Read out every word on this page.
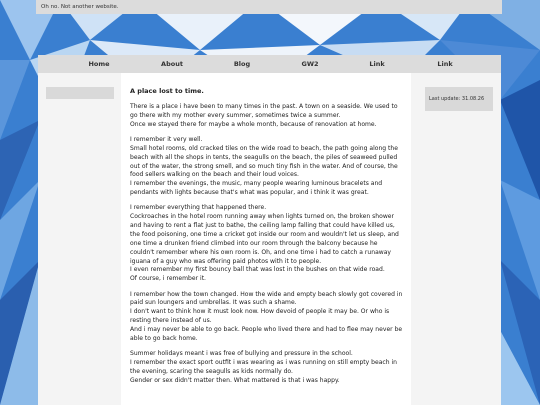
Oh no. Not another website.
Home	About	Blog	GW2	Link	Link
A place lost to time.

There is a place i have been to many times in the past. A town on a seaside. We used to go there with my mother every summer, sometimes twice a summer.
Once we stayed there for maybe a whole month, because of renovation at home.

I remember it very well.
Small hotel rooms, old cracked tiles on the wide road to beach, the path going along the beach with all the shops in tents, the seagulls on the beach, the piles of seaweed pulled out of the water, the strong smell, and so much tiny fish in the water. And of course, the food sellers walking on the beach and their loud voices.
I remember the evenings, the music, many people wearing luminous bracelets and pendants with lights because that's what was popular, and i think it was great.

I remember everything that happened there.
Cockroaches in the hotel room running away when lights turned on, the broken shower and having to rent a flat just to bathe, the ceiling lamp falling that could have killed us, the food poisoning, one time a cricket got inside our room and wouldn't let us sleep, and one time a drunken friend climbed into our room through the balcony because he couldn't remember where his own room is. Oh, and one time i had to catch a runaway iguana of a guy who was offering paid photos with it to people.
I even remember my first bouncy ball that was lost in the bushes on that wide road.
Of course, i remember it.

I remember how the town changed. How the wide and empty beach slowly got covered in paid sun loungers and umbrellas. It was such a shame.
I don't want to think how it must look now. How devoid of people it may be. Or who is resting there instead of us.
And i may never be able to go back. People who lived there and had to flee may never be able to go back home.

Summer holidays meant i was free of bullying and pressure in the school.
I remember the exact sport outfit i was wearing as i was running on still empty beach in the evening, scaring the seagulls as kids normally do.
Gender or sex didn't matter then. What mattered is that i was happy.

Last update: 31.08.26
